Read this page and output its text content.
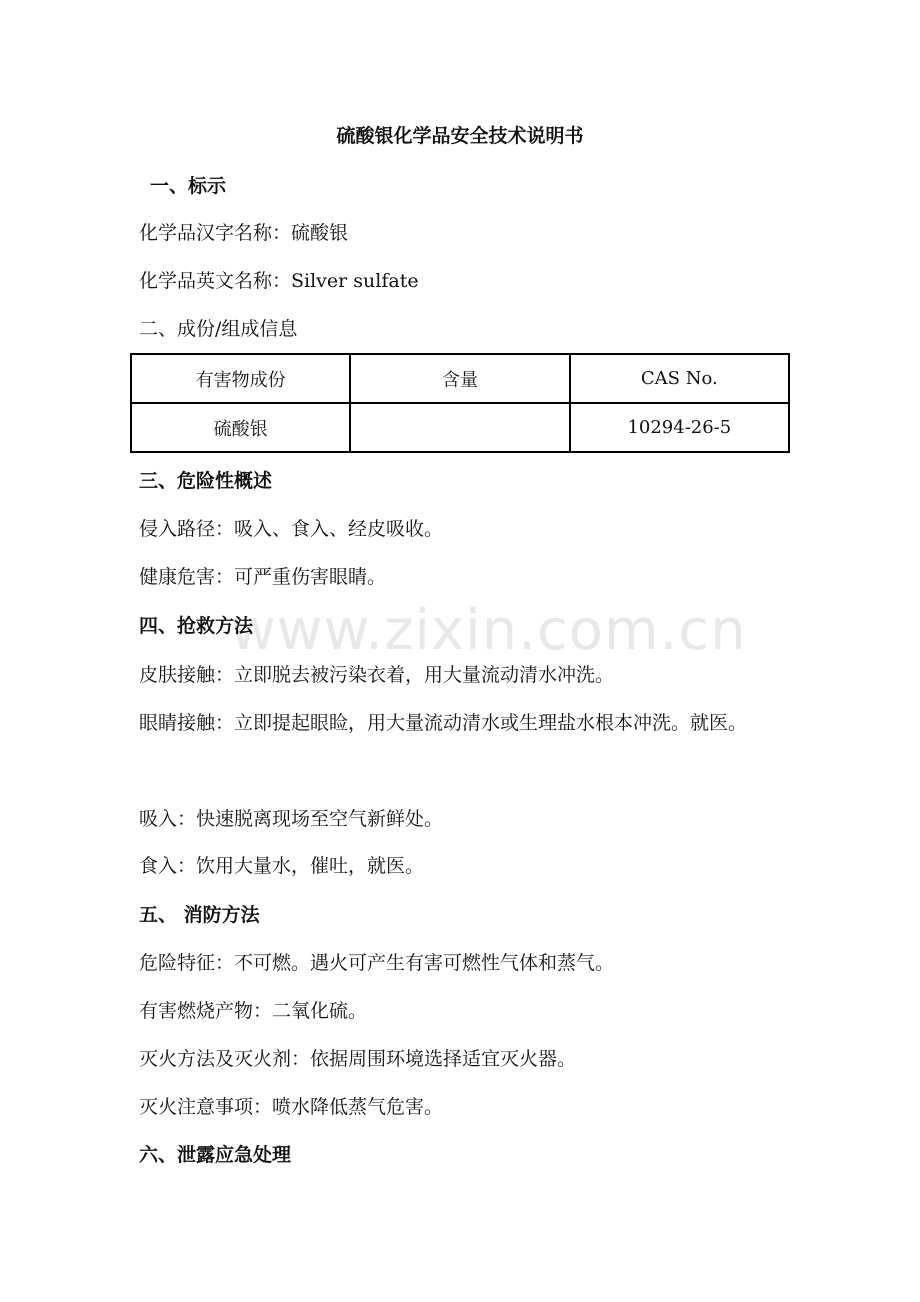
硫酸银化学品安全技术说明书
一、标示
化学品汉字名称：硫酸银
化学品英文名称：Silver sulfate
二、成份/组成信息
有害物成份	含量	CAS No.
硫酸银		10294-26-5
三、危险性概述
侵入路径：吸入、食入、经皮吸收。
健康危害：可严重伤害眼睛。
www.zixin.com.cn
四、抢救方法
皮肤接触：立即脱去被污染衣着，用大量流动清水冲洗。
眼睛接触：立即提起眼睑，用大量流动清水或生理盐水根本冲洗。就医。
吸入：快速脱离现场至空气新鲜处。
食入：饮用大量水，催吐，就医。
五、 消防方法
危险特征：不可燃。遇火可产生有害可燃性气体和蒸气。
有害燃烧产物：二氧化硫。
灭火方法及灭火剂：依据周围环境选择适宜灭火器。
灭火注意事项：喷水降低蒸气危害。
六、泄露应急处理
